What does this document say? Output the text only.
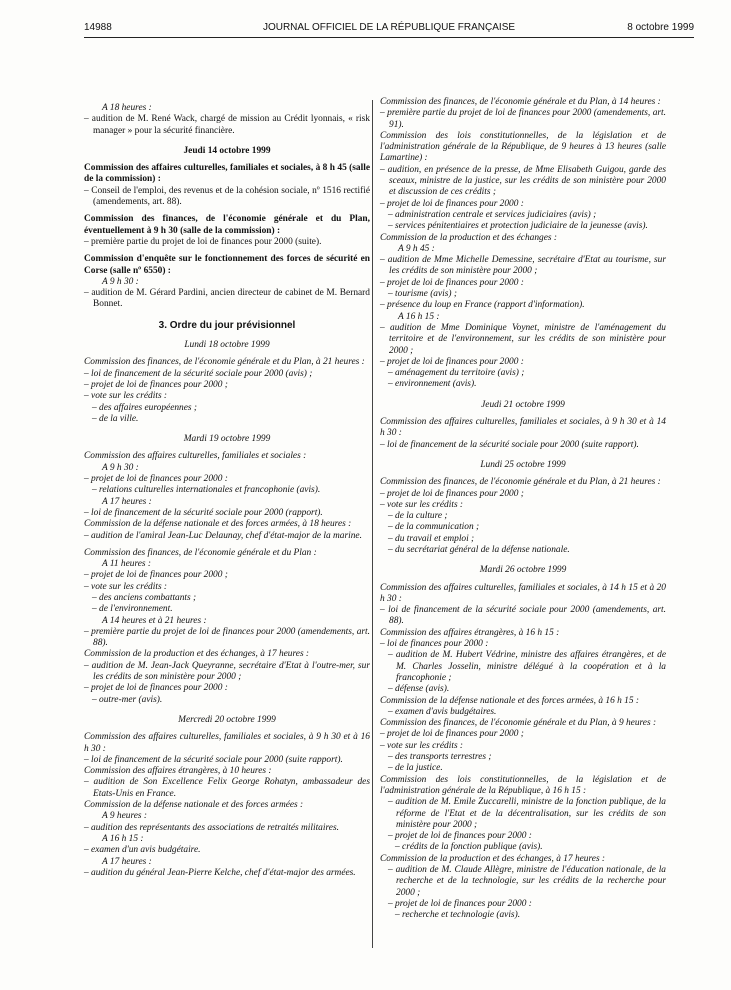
14988	JOURNAL OFFICIEL DE LA RÉPUBLIQUE FRANÇAISE	8 octobre 1999

A 18 heures :

– audition de M. René Wack, chargé de mission au Crédit lyonnais, « risk manager » pour la sécurité financière.

Jeudi 14 octobre 1999

Commission des affaires culturelles, familiales et sociales, à 8 h 45 (salle de la commission) :

– Conseil de l'emploi, des revenus et de la cohésion sociale, nº 1516 rectifié (amendements, art. 88).

Commission des finances, de l'économie générale et du Plan, éventuellement à 9 h 30 (salle de la commission) :

– première partie du projet de loi de finances pour 2000 (suite).

Commission d'enquête sur le fonctionnement des forces de sécurité en Corse (salle nº 6550) :

A 9 h 30 :

– audition de M. Gérard Pardini, ancien directeur de cabinet de M. Bernard Bonnet.

3. Ordre du jour prévisionnel

Lundi 18 octobre 1999

Commission des finances, de l'économie générale et du Plan, à 21 heures :

– loi de financement de la sécurité sociale pour 2000 (avis) ;

– projet de loi de finances pour 2000 ;

– vote sur les crédits :

– des affaires européennes ;

– de la ville.

Mardi 19 octobre 1999

Commission des affaires culturelles, familiales et sociales :

A 9 h 30 :

– projet de loi de finances pour 2000 :

– relations culturelles internationales et francophonie (avis).

A 17 heures :

– loi de financement de la sécurité sociale pour 2000 (rapport).

Commission de la défense nationale et des forces armées, à 18 heures :

– audition de l'amiral Jean-Luc Delaunay, chef d'état-major de la marine.

Commission des finances, de l'économie générale et du Plan :

A 11 heures :

– projet de loi de finances pour 2000 ;

– vote sur les crédits :

– des anciens combattants ;

– de l'environnement.

A 14 heures et à 21 heures :

– première partie du projet de loi de finances pour 2000 (amendements, art. 88).

Commission de la production et des échanges, à 17 heures :

– audition de M. Jean-Jack Queyranne, secrétaire d'Etat à l'outre-mer, sur les crédits de son ministère pour 2000 ;

– projet de loi de finances pour 2000 :

– outre-mer (avis).

Mercredi 20 octobre 1999

Commission des affaires culturelles, familiales et sociales, à 9 h 30 et à 16 h 30 :

– loi de financement de la sécurité sociale pour 2000 (suite rapport).

Commission des affaires étrangères, à 10 heures :

– audition de Son Excellence Felix George Rohatyn, ambassadeur des Etats-Unis en France.

Commission de la défense nationale et des forces armées :

A 9 heures :

– audition des représentants des associations de retraités militaires.

A 16 h 15 :

– examen d'un avis budgétaire.

A 17 heures :

– audition du général Jean-Pierre Kelche, chef d'état-major des armées.

Commission des finances, de l'économie générale et du Plan, à 14 heures :

– première partie du projet de loi de finances pour 2000 (amendements, art. 91).

Commission des lois constitutionnelles, de la législation et de l'administration générale de la République, de 9 heures à 13 heures (salle Lamartine) :

– audition, en présence de la presse, de Mme Elisabeth Guigou, garde des sceaux, ministre de la justice, sur les crédits de son ministère pour 2000 et discussion de ces crédits ;

– projet de loi de finances pour 2000 :

– administration centrale et services judiciaires (avis) ;

– services pénitentiaires et protection judiciaire de la jeunesse (avis).

Commission de la production et des échanges :

A 9 h 45 :

– audition de Mme Michelle Demessine, secrétaire d'Etat au tourisme, sur les crédits de son ministère pour 2000 ;

– projet de loi de finances pour 2000 :

– tourisme (avis) ;

– présence du loup en France (rapport d'information).

A 16 h 15 :

– audition de Mme Dominique Voynet, ministre de l'aménagement du territoire et de l'environnement, sur les crédits de son ministère pour 2000 ;

– projet de loi de finances pour 2000 :

– aménagement du territoire (avis) ;

– environnement (avis).

Jeudi 21 octobre 1999

Commission des affaires culturelles, familiales et sociales, à 9 h 30 et à 14 h 30 :

– loi de financement de la sécurité sociale pour 2000 (suite rapport).

Lundi 25 octobre 1999

Commission des finances, de l'économie générale et du Plan, à 21 heures :

– projet de loi de finances pour 2000 ;

– vote sur les crédits :

– de la culture ;

– de la communication ;

– du travail et emploi ;

– du secrétariat général de la défense nationale.

Mardi 26 octobre 1999

Commission des affaires culturelles, familiales et sociales, à 14 h 15 et à 20 h 30 :

– loi de financement de la sécurité sociale pour 2000 (amendements, art. 88).

Commission des affaires étrangères, à 16 h 15 :

– loi de finances pour 2000 :

– audition de M. Hubert Védrine, ministre des affaires étrangères, et de M. Charles Josselin, ministre délégué à la coopération et à la francophonie ;

– défense (avis).

Commission de la défense nationale et des forces armées, à 16 h 15 :

– examen d'avis budgétaires.

Commission des finances, de l'économie générale et du Plan, à 9 heures :

– projet de loi de finances pour 2000 ;

– vote sur les crédits :

– des transports terrestres ;

– de la justice.

Commission des lois constitutionnelles, de la législation et de l'administration générale de la République, à 16 h 15 :

– audition de M. Emile Zuccarelli, ministre de la fonction publique, de la réforme de l'Etat et de la décentralisation, sur les crédits de son ministère pour 2000 ;

– projet de loi de finances pour 2000 :

– crédits de la fonction publique (avis).

Commission de la production et des échanges, à 17 heures :

– audition de M. Claude Allègre, ministre de l'éducation nationale, de la recherche et de la technologie, sur les crédits de la recherche pour 2000 ;

– projet de loi de finances pour 2000 :

– recherche et technologie (avis).
